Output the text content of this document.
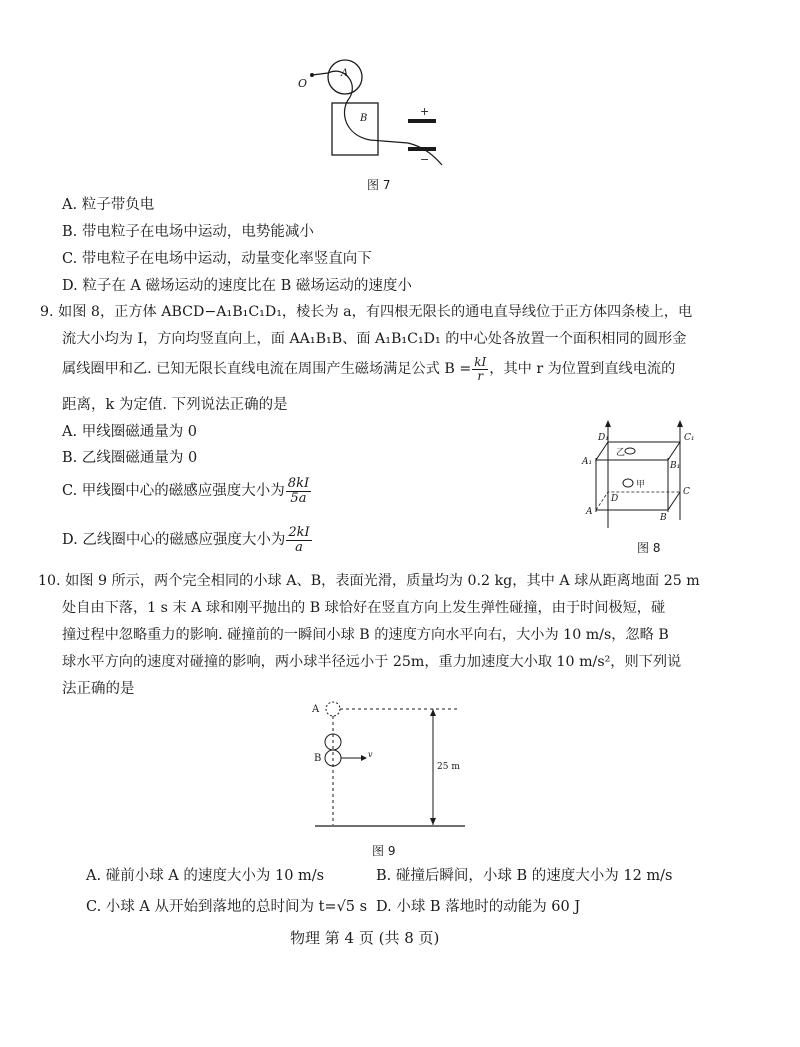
O
A
B
+
−
图 7
A. 粒子带负电
B. 带电粒子在电场中运动，电势能减小
C. 带电粒子在电场中运动，动量变化率竖直向下
D. 粒子在 A 磁场运动的速度比在 B 磁场运动的速度小
9. 如图 8，正方体 ABCD−A₁B₁C₁D₁，棱长为 a，有四根无限长的通电直导线位于正方体四条棱上，电
流大小均为 I，方向均竖直向上，面 AA₁B₁B、面 A₁B₁C₁D₁ 的中心处各放置一个面积相同的圆形金
属线圈甲和乙. 已知无限长直线电流在周围产生磁场满足公式 $B = \frac{kI}{r}$ ，其中 r 为位置到直线电流的
距离，k 为定值. 下列说法正确的是
A. 甲线圈磁通量为 0
B. 乙线圈磁通量为 0
C. 甲线圈中心的磁感应强度大小为 $\frac{8kI}{5a}$
D. 乙线圈中心的磁感应强度大小为 $\frac{2kI}{a}$
乙
甲
D₁	C₁
A₁	B₁
C
D
A
B
图 8
10. 如图 9 所示，两个完全相同的小球 A、B，表面光滑，质量均为 0.2 kg，其中 A 球从距离地面 25 m
处自由下落，1 s 末 A 球和刚平抛出的 B 球恰好在竖直方向上发生弹性碰撞，由于时间极短，碰
撞过程中忽略重力的影响. 碰撞前的一瞬间小球 B 的速度方向水平向右，大小为 10 m/s，忽略 B
球水平方向的速度对碰撞的影响，两小球半径远小于 25m，重力加速度大小取 10 m/s²，则下列说
法正确的是
A
B	v
25 m
图 9
A. 碰前小球 A 的速度大小为 10 m/s	B. 碰撞后瞬间，小球 B 的速度大小为 12 m/s
C. 小球 A 从开始到落地的总时间为 t=√5 s D. 小球 B 落地时的动能为 60 J
物理 第 4 页 (共 8 页)
